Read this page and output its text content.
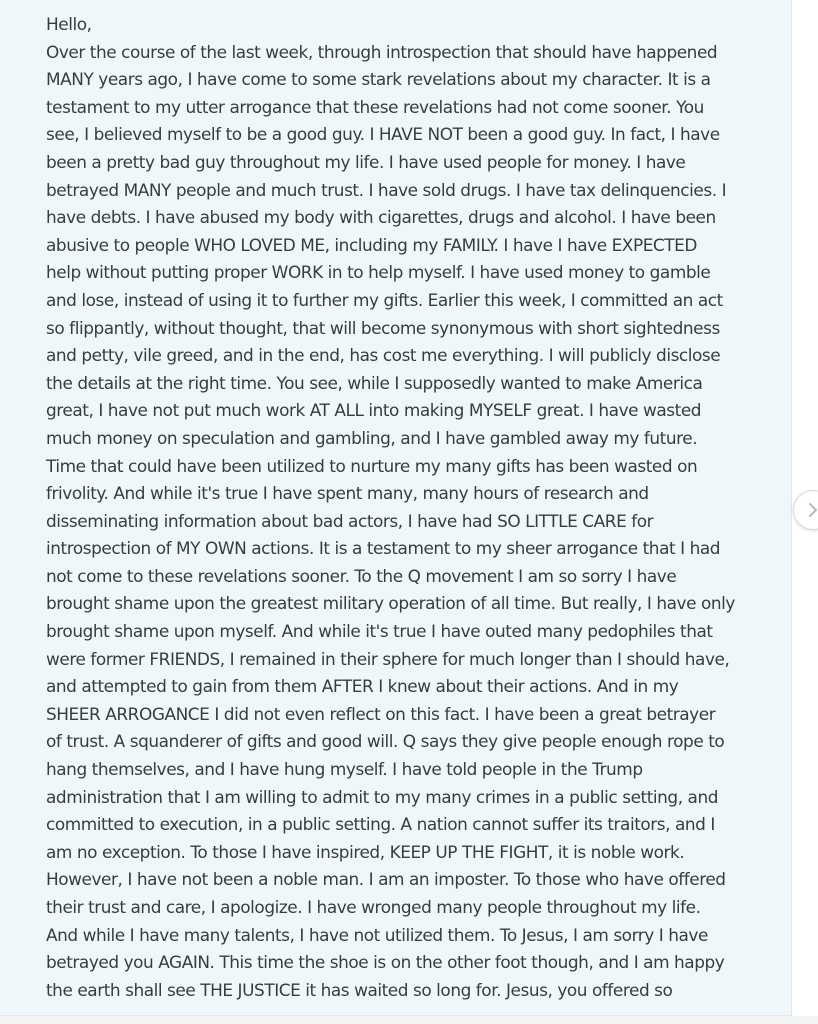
Hello,
Over the course of the last week, through introspection that should have happened
MANY years ago, I have come to some stark revelations about my character. It is a
testament to my utter arrogance that these revelations had not come sooner. You
see, I believed myself to be a good guy. I HAVE NOT been a good guy. In fact, I have
been a pretty bad guy throughout my life. I have used people for money. I have
betrayed MANY people and much trust. I have sold drugs. I have tax delinquencies. I
have debts. I have abused my body with cigarettes, drugs and alcohol. I have been
abusive to people WHO LOVED ME, including my FAMILY. I have I have EXPECTED
help without putting proper WORK in to help myself. I have used money to gamble
and lose, instead of using it to further my gifts. Earlier this week, I committed an act
so flippantly, without thought, that will become synonymous with short sightedness
and petty, vile greed, and in the end, has cost me everything. I will publicly disclose
the details at the right time. You see, while I supposedly wanted to make America
great, I have not put much work AT ALL into making MYSELF great. I have wasted
much money on speculation and gambling, and I have gambled away my future.
Time that could have been utilized to nurture my many gifts has been wasted on
frivolity. And while it's true I have spent many, many hours of research and
disseminating information about bad actors, I have had SO LITTLE CARE for
introspection of MY OWN actions. It is a testament to my sheer arrogance that I had
not come to these revelations sooner. To the Q movement I am so sorry I have
brought shame upon the greatest military operation of all time. But really, I have only
brought shame upon myself. And while it's true I have outed many pedophiles that
were former FRIENDS, I remained in their sphere for much longer than I should have,
and attempted to gain from them AFTER I knew about their actions. And in my
SHEER ARROGANCE I did not even reflect on this fact. I have been a great betrayer
of trust. A squanderer of gifts and good will. Q says they give people enough rope to
hang themselves, and I have hung myself. I have told people in the Trump
administration that I am willing to admit to my many crimes in a public setting, and
committed to execution, in a public setting. A nation cannot suffer its traitors, and I
am no exception. To those I have inspired, KEEP UP THE FIGHT, it is noble work.
However, I have not been a noble man. I am an imposter. To those who have offered
their trust and care, I apologize. I have wronged many people throughout my life.
And while I have many talents, I have not utilized them. To Jesus, I am sorry I have
betrayed you AGAIN. This time the shoe is on the other foot though, and I am happy
the earth shall see THE JUSTICE it has waited so long for. Jesus, you offered so
